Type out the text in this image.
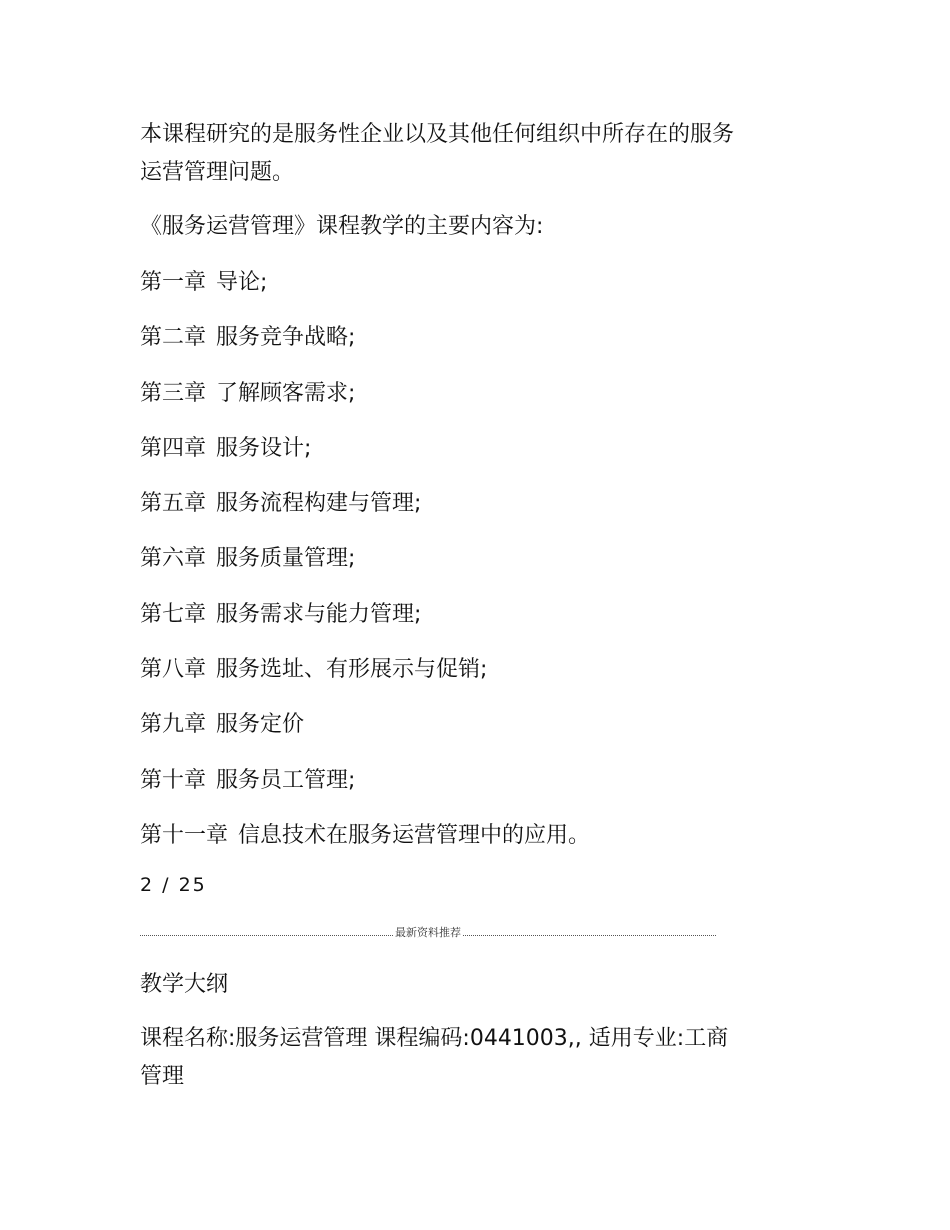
本课程研究的是服务性企业以及其他任何组织中所存在的服务
运营管理问题。
《服务运营管理》课程教学的主要内容为:
第一章 导论;
第二章 服务竞争战略;
第三章 了解顾客需求;
第四章 服务设计;
第五章 服务流程构建与管理;
第六章 服务质量管理;
第七章 服务需求与能力管理;
第八章 服务选址、有形展示与促销;
第九章 服务定价
第十章 服务员工管理;
第十一章 信息技术在服务运营管理中的应用。
2 / 25
最新资料推荐
教学大纲
课程名称:服务运营管理 课程编码:0441003,, 适用专业:工商
管理
